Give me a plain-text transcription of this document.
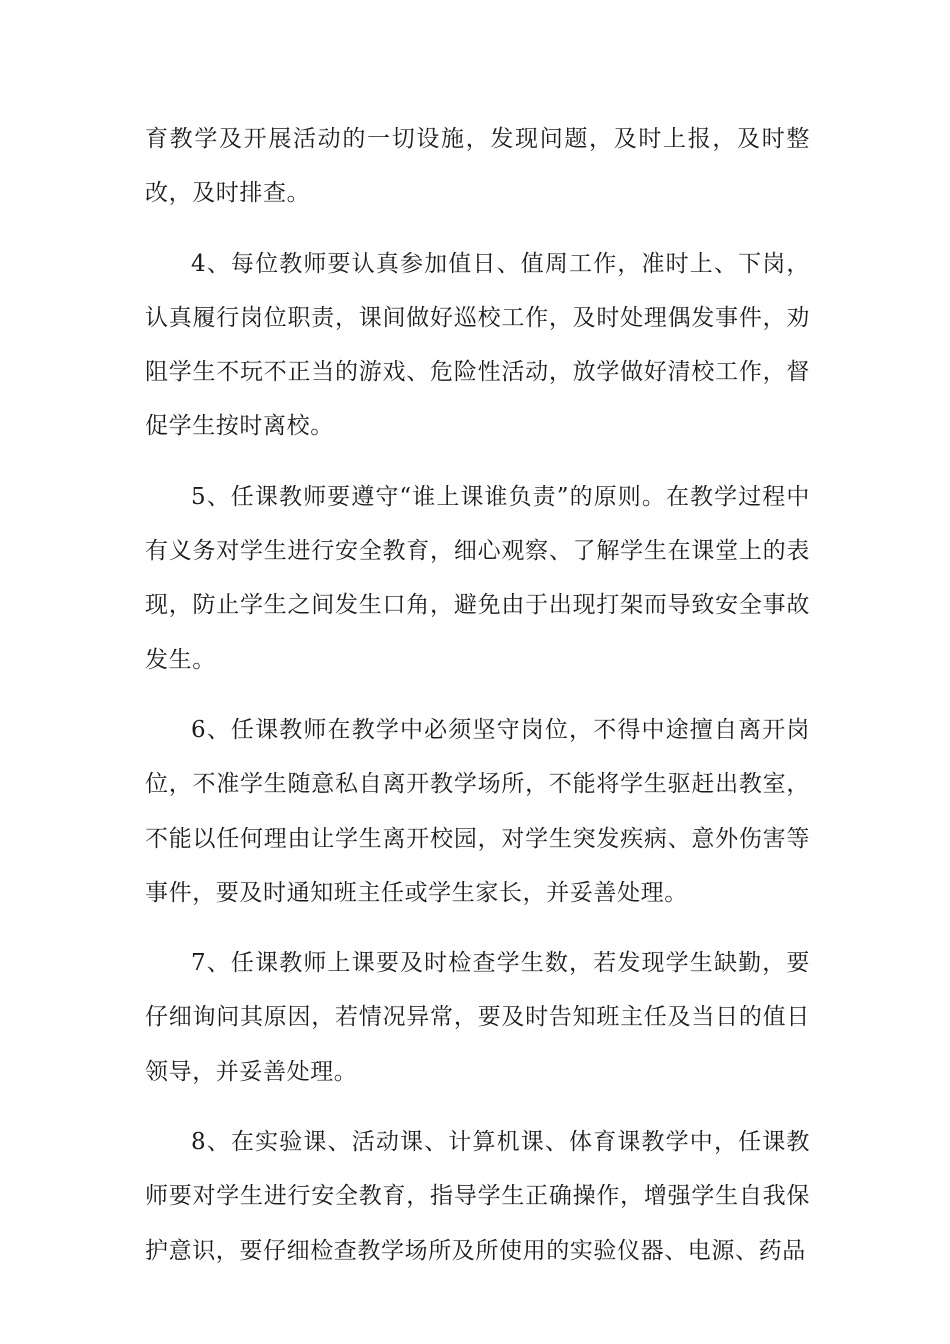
育教学及开展活动的一切设施，发现问题，及时上报，及时整改，及时排查。

4、每位教师要认真参加值日、值周工作，准时上、下岗，认真履行岗位职责，课间做好巡校工作，及时处理偶发事件，劝阻学生不玩不正当的游戏、危险性活动，放学做好清校工作，督促学生按时离校。

5、任课教师要遵守“谁上课谁负责”的原则。在教学过程中有义务对学生进行安全教育，细心观察、了解学生在课堂上的表现，防止学生之间发生口角，避免由于出现打架而导致安全事故发生。

6、任课教师在教学中必须坚守岗位，不得中途擅自离开岗位，不准学生随意私自离开教学场所，不能将学生驱赶出教室，不能以任何理由让学生离开校园，对学生突发疾病、意外伤害等事件，要及时通知班主任或学生家长，并妥善处理。

7、任课教师上课要及时检查学生数，若发现学生缺勤，要仔细询问其原因，若情况异常，要及时告知班主任及当日的值日领导，并妥善处理。

8、在实验课、活动课、计算机课、体育课教学中，任课教师要对学生进行安全教育，指导学生正确操作，增强学生自我保护意识，要仔细检查教学场所及所使用的实验仪器、电源、药品
